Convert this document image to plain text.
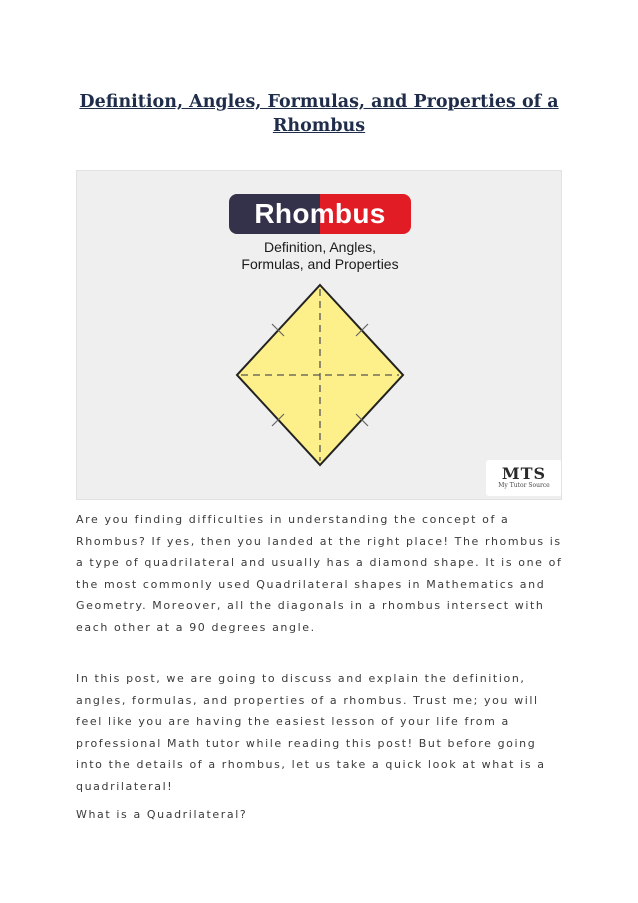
Definition, Angles, Formulas, and Properties of a Rhombus
Rhombus
Definition, Angles,
Formulas, and Properties
MTS
My Tutor Source

Are you finding difficulties in understanding the concept of a Rhombus? If yes, then you landed at the right place! The rhombus is a type of quadrilateral and usually has a diamond shape. It is one of the most commonly used Quadrilateral shapes in Mathematics and Geometry. Moreover, all the diagonals in a rhombus intersect with each other at a 90 degrees angle.

In this post, we are going to discuss and explain the definition, angles, formulas, and properties of a rhombus. Trust me; you will feel like you are having the easiest lesson of your life from a professional Math tutor while reading this post! But before going into the details of a rhombus, let us take a quick look at what is a quadrilateral!

What is a Quadrilateral?
